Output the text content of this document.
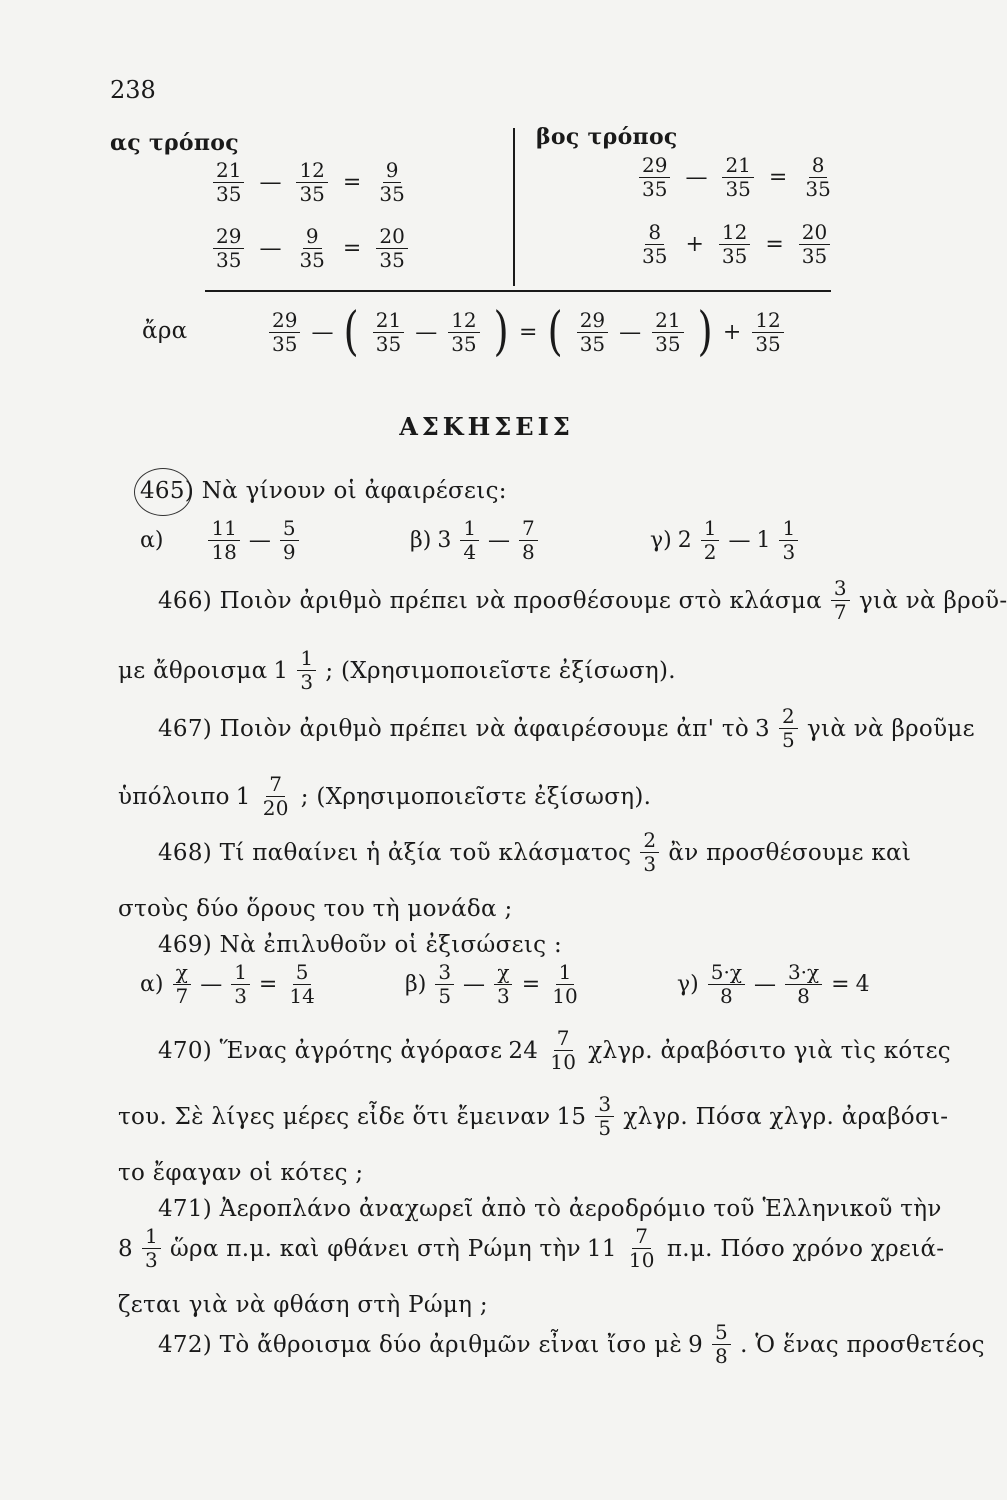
238
ας τρόπος
$\frac{21}{35}$ — $\frac{12}{35} = \frac{9}{35}$
$\frac{29}{35}$ — $\frac{9}{35} = \frac{20}{35}$
βος τρόπος
$\frac{29}{35}$ — $\frac{21}{35} = \frac{8}{35}$
$\frac{8}{35} + \frac{12}{35} = \frac{20}{35}$
ἄρα	$\frac{29}{35}$ — ( $\frac{21}{35}$ — $\frac{12}{35}$ ) = ( $\frac{29}{35}$ — $\frac{21}{35}$ ) + $\frac{12}{35}$
ΑΣΚΗΣΕΙΣ
465) Νὰ γίνουν οἱ ἀφαιρέσεις:
$\alpha) \frac{11}{18}$ — $\frac{5}{9}$	β) $3 \frac{1}{4}$ — $\frac{7}{8}$	γ) $2 \frac{1}{2}$ — $1 \frac{1}{3}$
466) Ποιὸν ἀριθμὸ πρέπει νὰ προσθέσουμε στὸ κλάσμα $\frac{3}{7}$ γιὰ νὰ βροῦ-
με ἄθροισμα $1 \frac{1}{3}$ ; (Χρησιμοποιεῖστε ἐξίσωση).
467) Ποιὸν ἀριθμὸ πρέπει νὰ ἀφαιρέσουμε ἀπ' τὸ $3 \frac{2}{5}$ γιὰ νὰ βροῦμε
ὑπόλοιπο $1 \frac{7}{20}$ ; (Χρησιμοποιεῖστε ἐξίσωση).
468) Τί παθαίνει ἡ ἀξία τοῦ κλάσματος $\frac{2}{3}$ ἂν προσθέσουμε καὶ
στοὺς δύο ὅρους του τὴ μονάδα ;
469) Νὰ ἐπιλυθοῦν οἱ ἐξισώσεις :
$\alpha) \frac{\chi}{7}$ — $\frac{1}{3} = \frac{5}{14}$	$\beta) \frac{3}{5}$ — $\frac{\chi}{3} = \frac{1}{10}$	$\gamma) \frac{5\cdot\chi}{8}$ — $\frac{3\cdot\chi}{8} = 4$
470) Ἕνας ἀγρότης ἀγόρασε $24 \frac{7}{10} \chi\lambda\gamma\rho$. ἀραβόσιτο γιὰ τὶς κότες
του. Σὲ λίγες μέρες εἶδε ὅτι ἔμειναν $15 \frac{3}{5} \chi\lambda\gamma\rho$. Πόσα χλγρ. ἀραβόσι-
το ἔφαγαν οἱ κότες ;
471) Ἀεροπλάνο ἀναχωρεῖ ἀπὸ τὸ ἀεροδρόμιο τοῦ Ἑλληνικοῦ τὴν
$8 \frac{1}{3}$ ὥρα π.μ. καὶ φθάνει στὴ Ρώμη τὴν $11 \frac{7}{10} \pi.\mu$. Πόσο χρόνο χρειά-
ζεται γιὰ νὰ φθάση στὴ Ρώμη ;
472) Τὸ ἄθροισμα δύο ἀριθμῶν εἶναι ἴσο μὲ $9 \frac{5}{8}$ . Ὁ ἕνας προσθετέος
